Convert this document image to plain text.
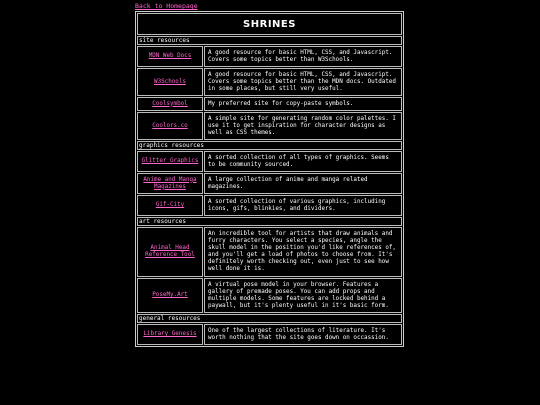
Back to Homepage
SHRINES	
site resources	
MDN Web Docs	A good resource for basic HTML, CSS, and Javascript. Covers some topics better than W3Schools.
W3Schools	A good resource for basic HTML, CSS, and Javascript. Covers some topics better than the MDN docs. Outdated in some places, but still very useful.
Coolsymbol	My preferred site for copy-paste symbols.
Coolors.co	A simple site for generating random color palettes. I use it to get inspiration for character designs as well as CSS themes.
graphics resources	
Glitter Graphics	A sorted collection of all types of graphics. Seems to be community sourced.
Anime and Manga Magazines	A large collection of anime and manga related magazines.
Gif-City	A sorted collection of various graphics, including icons, gifs, blinkies, and dividers.
art resources	
Animal Head Reference Tool	An incredible tool for artists that draw animals and furry characters. You select a species, angle the skull model in the position you'd like references of, and you'll get a load of photos to choose from. It's definitely worth checking out, even just to see how well done it is.
PoseMy.Art	A virtual pose model in your browser. Features a gallery of premade poses. You can add props and multiple models. Some features are locked behind a paywall, but it's plenty useful in it's basic form.
general resources	
Library Genesis	One of the largest collections of literature. It's worth nothing that the site goes down on occassion.
